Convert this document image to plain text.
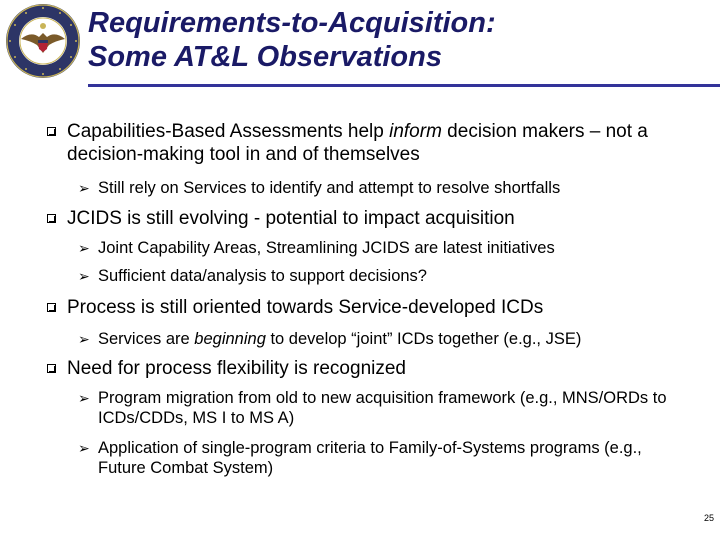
Requirements-to-Acquisition:
Some AT&L Observations
Capabilities-Based Assessments help inform decision makers – not a decision-making tool in and of themselves
➢ Still rely on Services to identify and attempt to resolve shortfalls
JCIDS is still evolving - potential to impact acquisition
➢ Joint Capability Areas, Streamlining JCIDS are latest initiatives
➢ Sufficient data/analysis to support decisions?
Process is still oriented towards Service-developed ICDs
➢ Services are beginning to develop “joint” ICDs together (e.g., JSE)
Need for process flexibility is recognized
➢ Program migration from old to new acquisition framework (e.g., MNS/ORDs to ICDs/CDDs, MS I to MS A)
➢ Application of single-program criteria to Family-of-Systems programs (e.g., Future Combat System)
25
